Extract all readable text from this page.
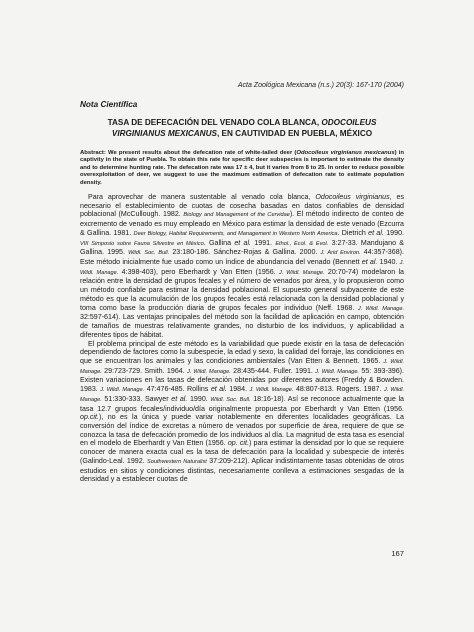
Acta Zoológica Mexicana (n.s.) 20(3): 167-170 (2004)
Nota Científica
TASA DE DEFECACIÓN DEL VENADO COLA BLANCA, ODOCOILEUS
VIRGINIANUS MEXICANUS, EN CAUTIVIDAD EN PUEBLA, MÉXICO
Abstract: We present results about the defecation rate of white-tailed deer (Odocoileus virginianus mexicanus) in captivity in the state of Puebla. To obtain this rate for specific deer subspecies is important to estimate the density and to determine hunting rate. The defecation rate was 17 ± 4, but it varies from 8 to 25. In order to reduce possible overexploitation of deer, we suggest to use the maximum estimation of defecation rate to estimate population density.

Para aprovechar de manera sustentable al venado cola blanca, Odocoileus virginianus, es necesario el establecimiento de cuotas de cosecha basadas en datos confiables de densidad poblacional (McCullough. 1982. Biology and Management of the Cervidae). El método indirecto de conteo de excremento de venado es muy empleado en México para estimar la densidad de este venado (Ezcurra & Gallina. 1981. Deer Biology, Habitat Requirements, and Management in Western North America. Dietrich et al. 1990. VIII Simposio sobre Fauna Silvestre en México. Gallina et al. 1991. Ethol., Ecol. & Evol. 3:27-33. Mandujano & Gallina. 1995. Wildl. Soc. Bull. 23:180-186. Sánchez-Rojas & Gallina. 2000. J. Arid Environ. 44:357-368). Este método inicialmente fue usado como un índice de abundancia del venado (Bennett et al. 1940. J. Wildl. Manage. 4:398-403), pero Eberhardt y Van Etten (1956. J. Wildl. Manage. 20:70-74) modelaron la relación entre la densidad de grupos fecales y el número de venados por área, y lo propusieron como un método confiable para estimar la densidad poblacional. El supuesto general subyacente de este método es que la acumulación de los grupos fecales está relacionada con la densidad poblacional y toma como base la producción diaria de grupos fecales por individuo (Neff. 1968. J. Wildl. Manage. 32:597-614). Las ventajas principales del método son la facilidad de aplicación en campo, obtención de tamaños de muestras relativamente grandes, no disturbio de los individuos, y aplicabilidad a diferentes tipos de hábitat.

El problema principal de este método es la variabilidad que puede existir en la tasa de defecación dependiendo de factores como la subespecie, la edad y sexo, la calidad del forraje, las condiciones en que se encuentran los animales y las condiciones ambientales (Van Etten & Bennett. 1965. J. Wildl. Manage. 29:723-729. Smith. 1964. J. Wildl. Manage. 28:435-444. Fuller. 1991. J. Wildl. Manage. 55: 393-396). Existen variaciones en las tasas de defecación obtenidas por diferentes autores (Freddy & Bowden. 1983. J. Wildl. Manage. 47:476-485. Rollins et al. 1984. J. Wildl. Manage. 48:807-813. Rogers. 1987. J. Wildl. Manage. 51:330-333. Sawyer et al. 1990. Wildl. Soc. Bull. 18:16-18). Así se reconoce actualmente que la tasa 12.7 grupos fecales/individuo/día originalmente propuesta por Eberhardt y Van Etten (1956. op.cit.), no es la única y puede variar notablemente en diferentes localidades geográficas. La conversión del índice de excretas a número de venados por superficie de área, requiere de que se conozca la tasa de defecación promedio de los individuos al día. La magnitud de esta tasa es esencial en el modelo de Eberhardt y Van Etten (1956. op. cit.) para estimar la densidad por lo que se requiere conocer de manera exacta cual es la tasa de defecación para la localidad y subespecie de interés (Galindo-Leal. 1992. Southwestern Naturalist 37:209-212). Aplicar indistintamente tasas obtenidas de otros estudios en sitios y condiciones distintas, necesariamente conlleva a estimaciones sesgadas de la densidad y a establecer cuotas de

167
